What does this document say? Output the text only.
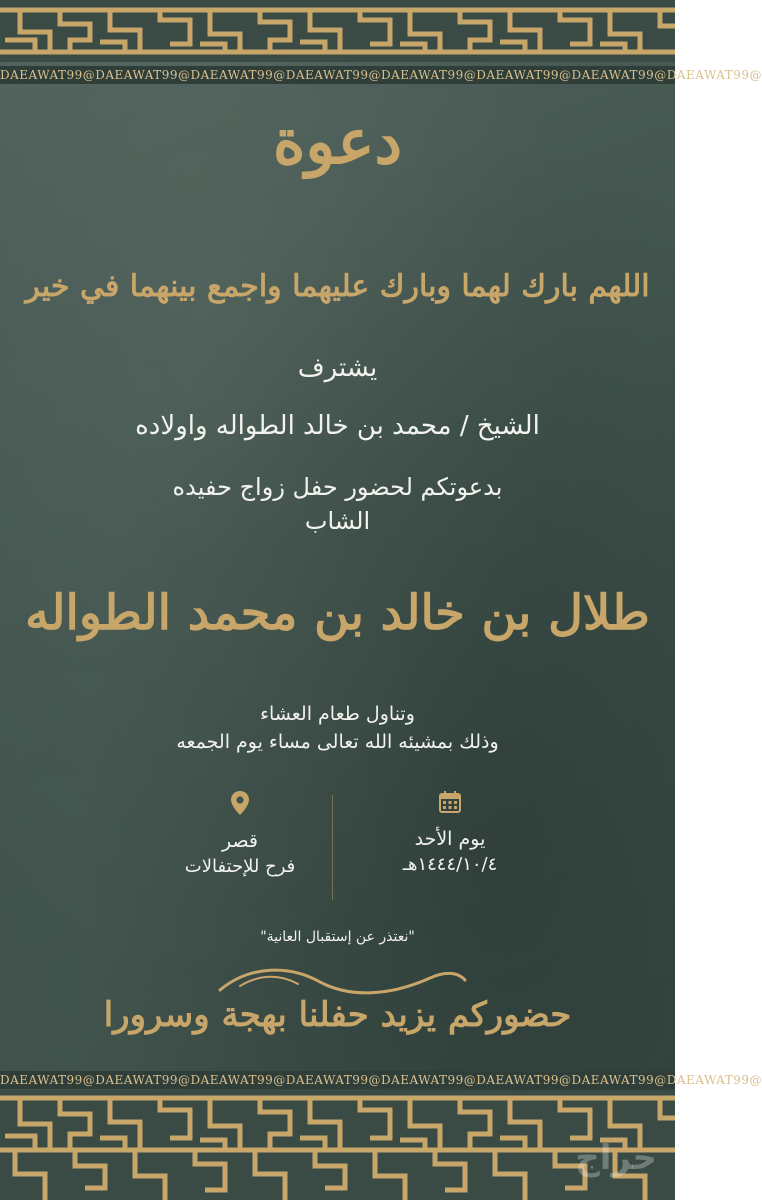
DAEAWAT99@DAEAWAT99@DAEAWAT99@DAEAWAT99@DAEAWAT99@DAEAWAT99@DAEAWAT99@DAEAWAT99@
دعوة
اللهم بارك لهما وبارك عليهما واجمع بينهما في خير
يشترف
الشيخ / محمد بن خالد الطواله واولاده
بدعوتكم لحضور حفل زواج حفيده
الشاب
طلال بن خالد بن محمد الطواله
وتناول طعام العشاء
وذلك بمشيئه الله تعالى مساء يوم الجمعه
قصر
فرح للإحتفالات
يوم الأحد
١٤٤٤/١٠/٤هـ
"نعتذر عن إستقبال العانية"
حضوركم يزيد حفلنا بهجة وسرورا
DAEAWAT99@DAEAWAT99@DAEAWAT99@DAEAWAT99@DAEAWAT99@DAEAWAT99@DAEAWAT99@DAEAWAT99@
حراج
